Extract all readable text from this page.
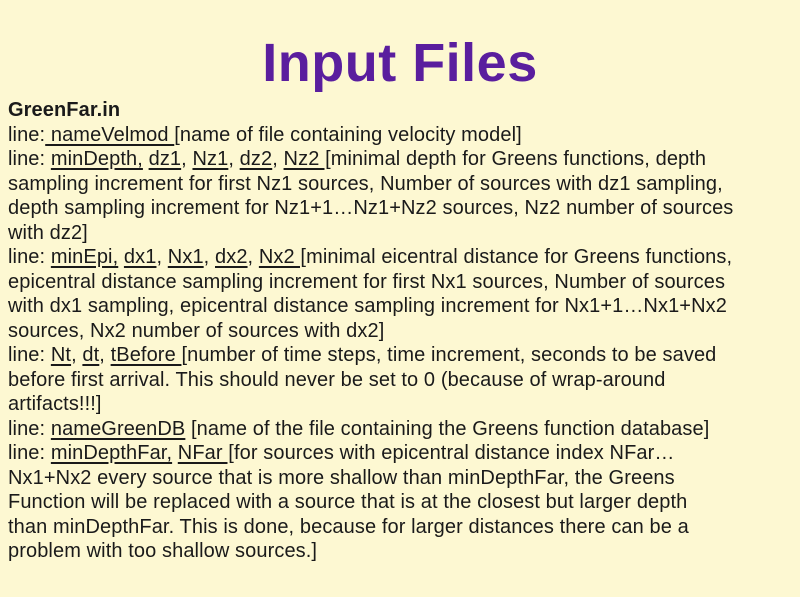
Input Files
GreenFar.in
line: nameVelmod [name of file containing velocity model]
line: minDepth, dz1, Nz1, dz2, Nz2 [minimal depth for Greens functions, depth
sampling increment for first Nz1 sources, Number of sources with dz1 sampling,
depth sampling increment for Nz1+1…Nz1+Nz2 sources, Nz2 number of sources
with dz2]
line: minEpi, dx1, Nx1, dx2, Nx2 [minimal eicentral distance for Greens functions,
epicentral distance sampling increment for first Nx1 sources, Number of sources
with dx1 sampling, epicentral distance sampling increment for Nx1+1…Nx1+Nx2
sources, Nx2 number of sources with dx2]
line: Nt, dt, tBefore [number of time steps, time increment, seconds to be saved
before first arrival. This should never be set to 0 (because of wrap-around
artifacts!!!]
line: nameGreenDB [name of the file containing the Greens function database]
line: minDepthFar, NFar [for sources with epicentral distance index NFar…
Nx1+Nx2 every source that is more shallow than minDepthFar, the Greens
Function will be replaced with a source that is at the closest but larger depth
than minDepthFar. This is done, because for larger distances there can be a
problem with too shallow sources.]
